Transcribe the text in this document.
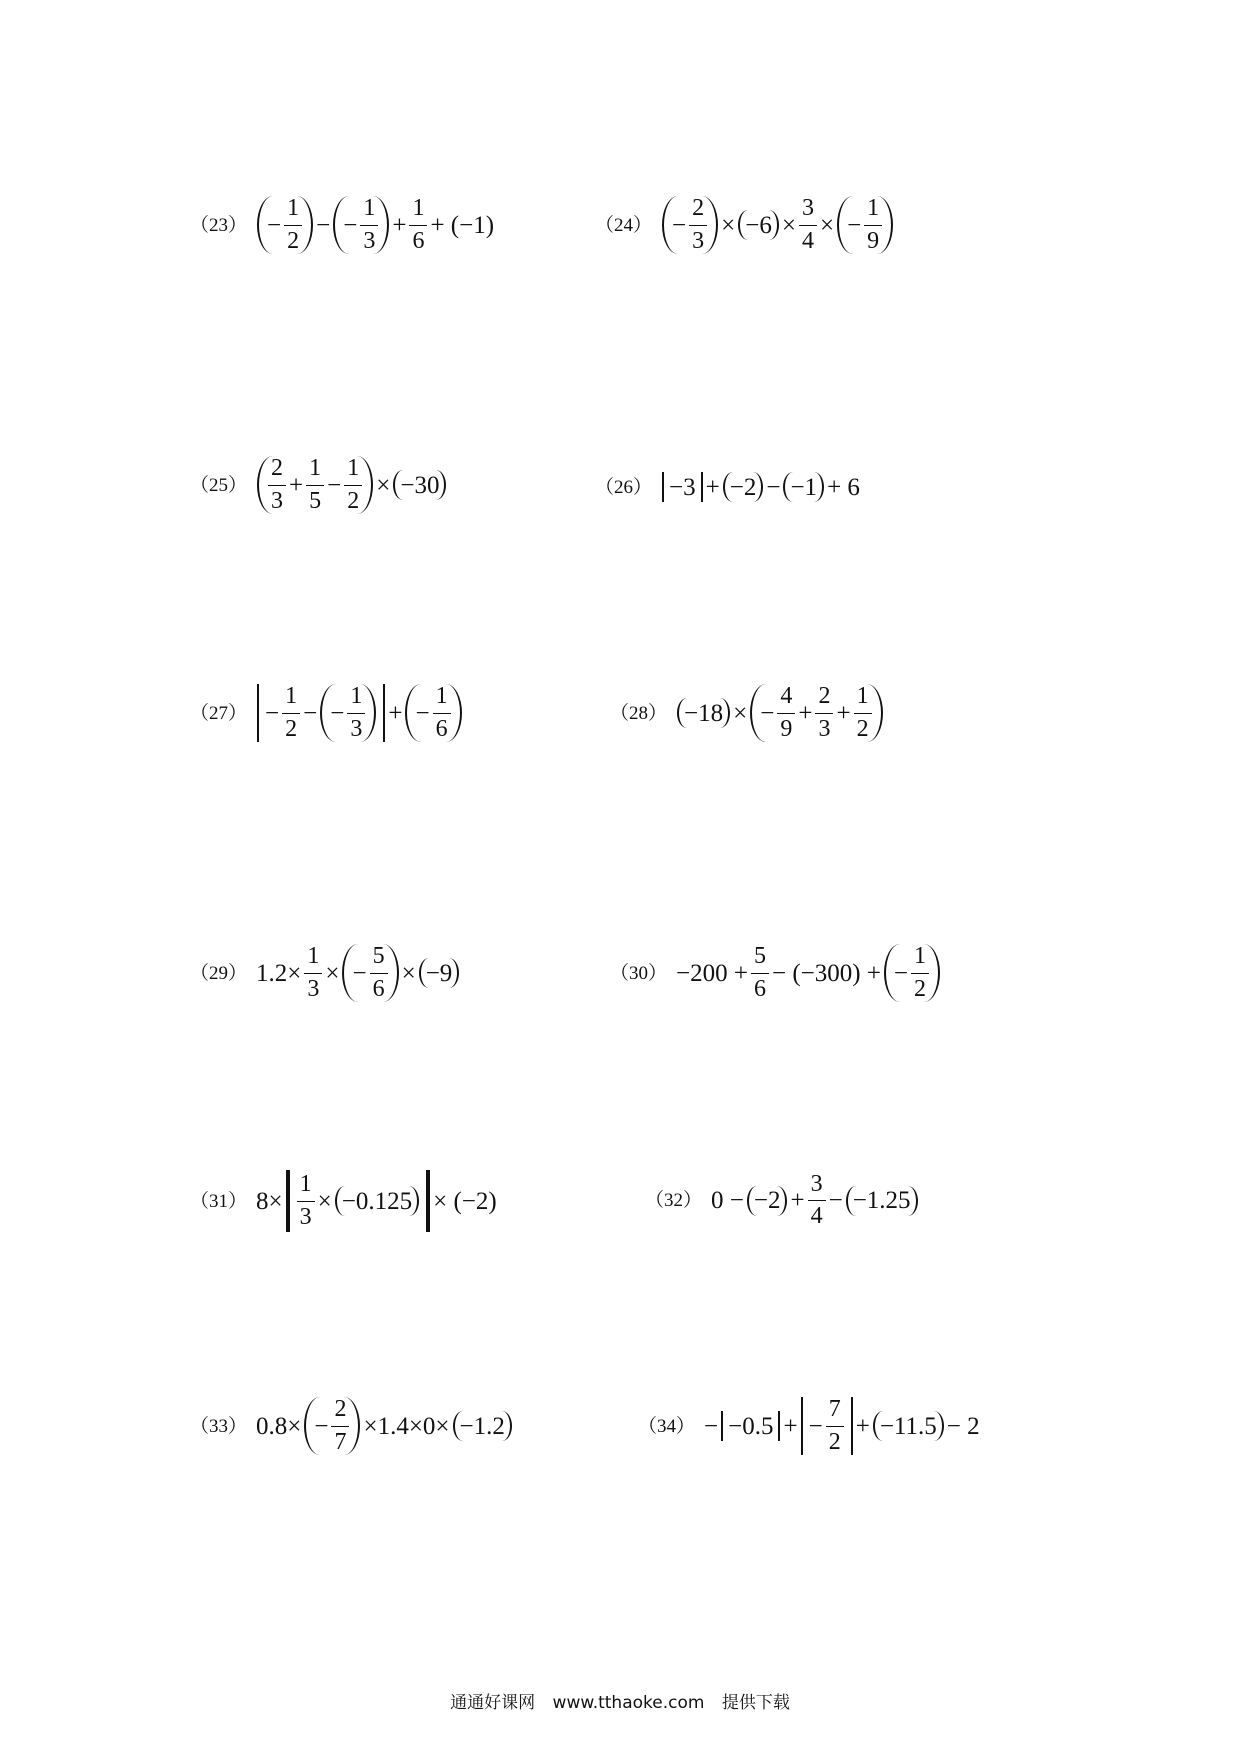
$(23) - \frac{1}{2}$ − − $\frac{1}{3} + \frac{1}{6} + (-1)$	$(24) - \frac{2}{3} \times -6 \times \frac{3}{4}$ × − $\frac{1}{9}$
$(25) \frac{2}{3} + \frac{1}{5} - \frac{1}{2} \times -30$	（26） −3 + −2 − −1 + 6
$(27) - \frac{1}{2}$ − − $\frac{1}{3}$ + − $\frac{1}{6}$	（28） −18 × − $\frac{4}{9} + \frac{2}{3} + \frac{1}{2}$
（29） $1.2\times \frac{1}{3}$ × − $\frac{5}{6} \times -9$	$(30) -200 + \frac{5}{6} - (-300)$ + − $\frac{1}{2}$
（31） $8\times \frac{1}{3} \times -0.125 \times (-2)$	（32） $0 - -2 + \frac{3}{4} - -1.25$
（33） $0.8\times - \frac{2}{7} \times 1.4\times 0\times -1.2$	（34） − −0.5 + − $\frac{7}{2} + -11.5 - 2$
通通好课网 www.tthaoke.com 提供下载
